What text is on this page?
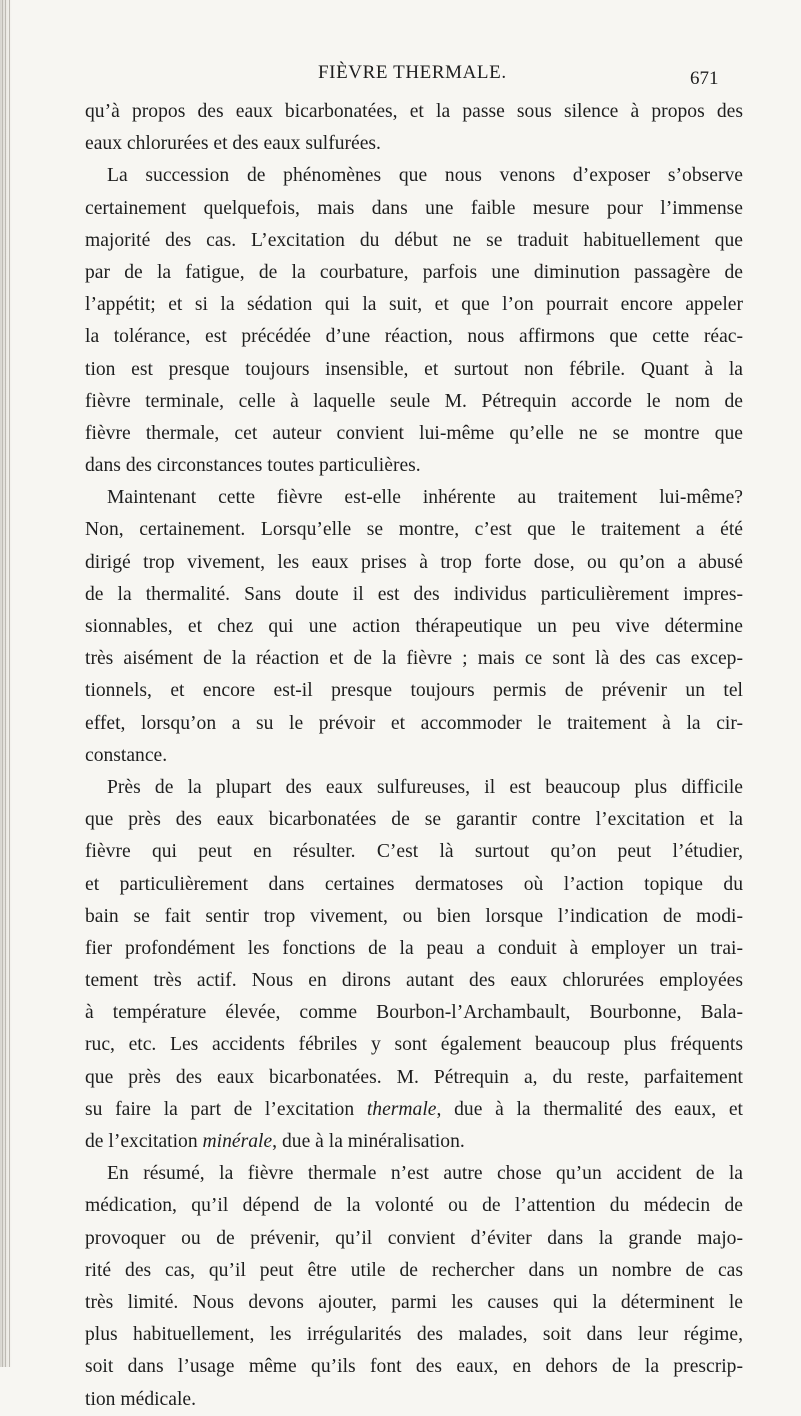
FIÈVRE THERMALE.	671
qu’à propos des eaux bicarbonatées, et la passe sous silence à propos des
eaux chlorurées et des eaux sulfurées.
La succession de phénomènes que nous venons d’exposer s’observe
certainement quelquefois, mais dans une faible mesure pour l’immense
majorité des cas. L’excitation du début ne se traduit habituellement que
par de la fatigue, de la courbature, parfois une diminution passagère de
l’appétit; et si la sédation qui la suit, et que l’on pourrait encore appeler
la tolérance, est précédée d’une réaction, nous affirmons que cette réac-
tion est presque toujours insensible, et surtout non fébrile. Quant à la
fièvre terminale, celle à laquelle seule M. Pétrequin accorde le nom de
fièvre thermale, cet auteur convient lui-même qu’elle ne se montre que
dans des circonstances toutes particulières.
Maintenant cette fièvre est-elle inhérente au traitement lui-même?
Non, certainement. Lorsqu’elle se montre, c’est que le traitement a été
dirigé trop vivement, les eaux prises à trop forte dose, ou qu’on a abusé
de la thermalité. Sans doute il est des individus particulièrement impres-
sionnables, et chez qui une action thérapeutique un peu vive détermine
très aisément de la réaction et de la fièvre ; mais ce sont là des cas excep-
tionnels, et encore est-il presque toujours permis de prévenir un tel
effet, lorsqu’on a su le prévoir et accommoder le traitement à la cir-
constance.
Près de la plupart des eaux sulfureuses, il est beaucoup plus difficile
que près des eaux bicarbonatées de se garantir contre l’excitation et la
fièvre qui peut en résulter. C’est là surtout qu’on peut l’étudier,
et particulièrement dans certaines dermatoses où l’action topique du
bain se fait sentir trop vivement, ou bien lorsque l’indication de modi-
fier profondément les fonctions de la peau a conduit à employer un trai-
tement très actif. Nous en dirons autant des eaux chlorurées employées
à température élevée, comme Bourbon-l’Archambault, Bourbonne, Bala-
ruc, etc. Les accidents fébriles y sont également beaucoup plus fréquents
que près des eaux bicarbonatées. M. Pétrequin a, du reste, parfaitement
su faire la part de l’excitation thermale, due à la thermalité des eaux, et
de l’excitation minérale, due à la minéralisation.
En résumé, la fièvre thermale n’est autre chose qu’un accident de la
médication, qu’il dépend de la volonté ou de l’attention du médecin de
provoquer ou de prévenir, qu’il convient d’éviter dans la grande majo-
rité des cas, qu’il peut être utile de rechercher dans un nombre de cas
très limité. Nous devons ajouter, parmi les causes qui la déterminent le
plus habituellement, les irrégularités des malades, soit dans leur régime,
soit dans l’usage même qu’ils font des eaux, en dehors de la prescrip-
tion médicale.
